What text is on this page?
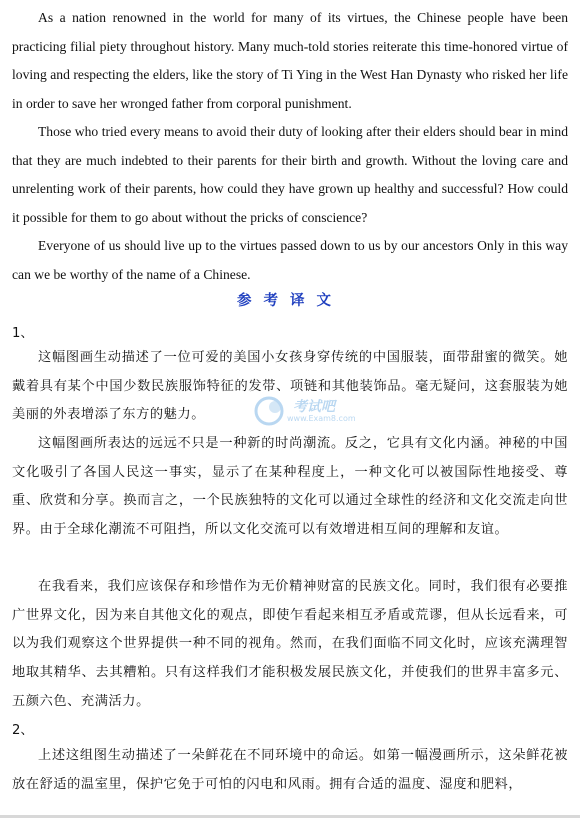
As a nation renowned in the world for many of its virtues, the Chinese people have been practicing filial piety throughout history. Many much-told stories reiterate this time-honored virtue of loving and respecting the elders, like the story of Ti Ying in the West Han Dynasty who risked her life in order to save her wronged father from corporal punishment.

Those who tried every means to avoid their duty of looking after their elders should bear in mind that they are much indebted to their parents for their birth and growth. Without the loving care and unrelenting work of their parents, how could they have grown up healthy and successful? How could it possible for them to go about without the pricks of conscience?

Everyone of us should live up to the virtues passed down to us by our ancestors Only in this way can we be worthy of the name of a Chinese.

参考译文
1、

这幅图画生动描述了一位可爱的美国小女孩身穿传统的中国服装，面带甜蜜的微笑。她戴着具有某个中国少数民族服饰特征的发带、项链和其他装饰品。毫无疑问，这套服装为她美丽的外表增添了东方的魅力。

这幅图画所表达的远远不只是一种新的时尚潮流。反之，它具有文化内涵。神秘的中国文化吸引了各国人民这一事实，显示了在某种程度上，一种文化可以被国际性地接受、尊重、欣赏和分享。换而言之，一个民族独特的文化可以通过全球性的经济和文化交流走向世界。由于全球化潮流不可阻挡，所以文化交流可以有效增进相互间的理解和友谊。

在我看来，我们应该保存和珍惜作为无价精神财富的民族文化。同时，我们很有必要推广世界文化，因为来自其他文化的观点，即使乍看起来相互矛盾或荒谬，但从长远看来，可以为我们观察这个世界提供一种不同的视角。然而，在我们面临不同文化时，应该充满理智地取其精华、去其糟粕。只有这样我们才能积极发展民族文化，并使我们的世界丰富多元、五颜六色、充满活力。

2、

上述这组图生动描述了一朵鲜花在不同环境中的命运。如第一幅漫画所示，这朵鲜花被放在舒适的温室里，保护它免于可怕的闪电和风雨。拥有合适的温度、湿度和肥料，

考试吧
www.Exam8.com
